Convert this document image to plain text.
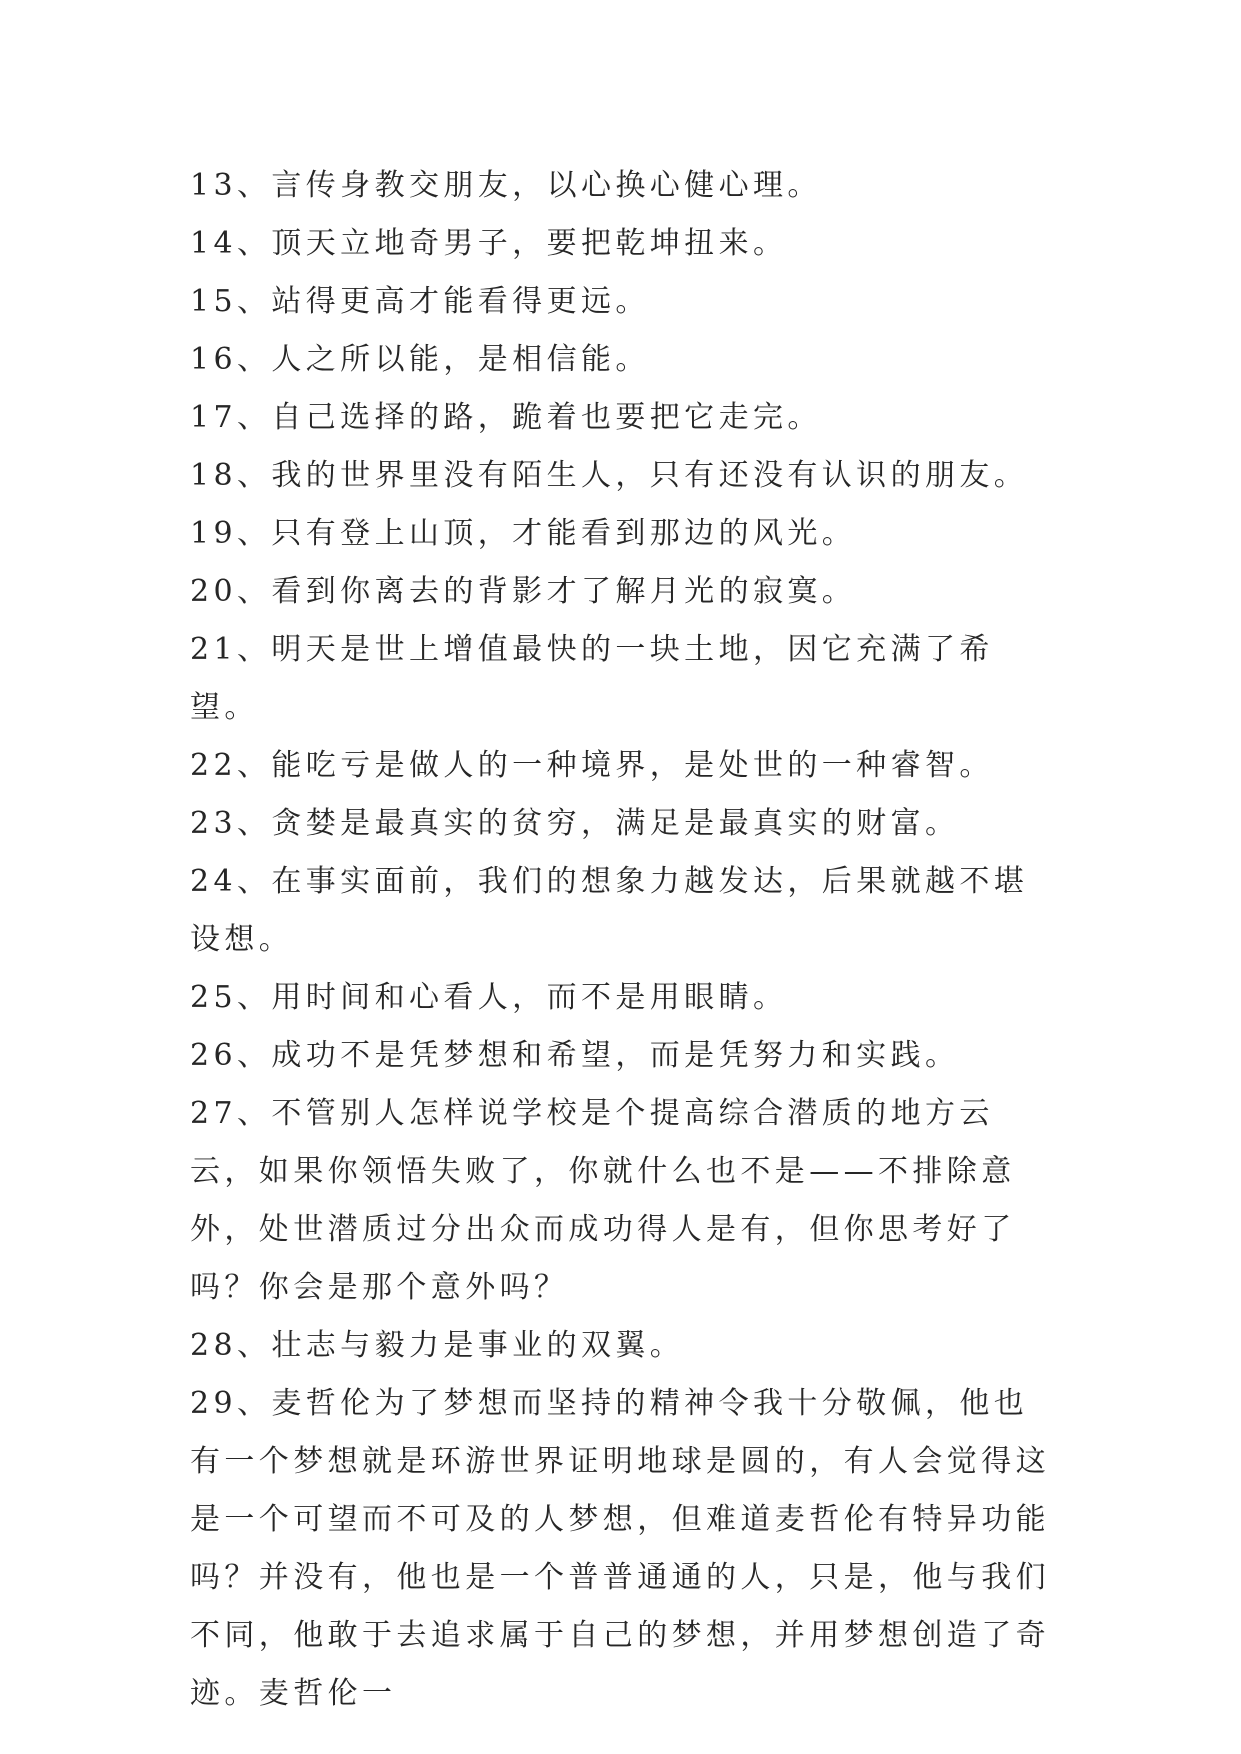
13、言传身教交朋友，以心换心健心理。

14、顶天立地奇男子，要把乾坤扭来。

15、站得更高才能看得更远。

16、人之所以能，是相信能。

17、自己选择的路，跪着也要把它走完。

18、我的世界里没有陌生人，只有还没有认识的朋友。

19、只有登上山顶，才能看到那边的风光。

20、看到你离去的背影才了解月光的寂寞。

21、明天是世上增值最快的一块土地，因它充满了希望。

22、能吃亏是做人的一种境界，是处世的一种睿智。

23、贪婪是最真实的贫穷，满足是最真实的财富。

24、在事实面前，我们的想象力越发达，后果就越不堪设想。

25、用时间和心看人，而不是用眼睛。

26、成功不是凭梦想和希望，而是凭努力和实践。

27、不管别人怎样说学校是个提高综合潜质的地方云云，如果你领悟失败了，你就什么也不是——不排除意外，处世潜质过分出众而成功得人是有，但你思考好了吗？你会是那个意外吗？

28、壮志与毅力是事业的双翼。

29、麦哲伦为了梦想而坚持的精神令我十分敬佩，他也有一个梦想就是环游世界证明地球是圆的，有人会觉得这是一个可望而不可及的人梦想，但难道麦哲伦有特异功能吗？并没有，他也是一个普普通通的人，只是，他与我们不同，他敢于去追求属于自己的梦想，并用梦想创造了奇迹。麦哲伦一
